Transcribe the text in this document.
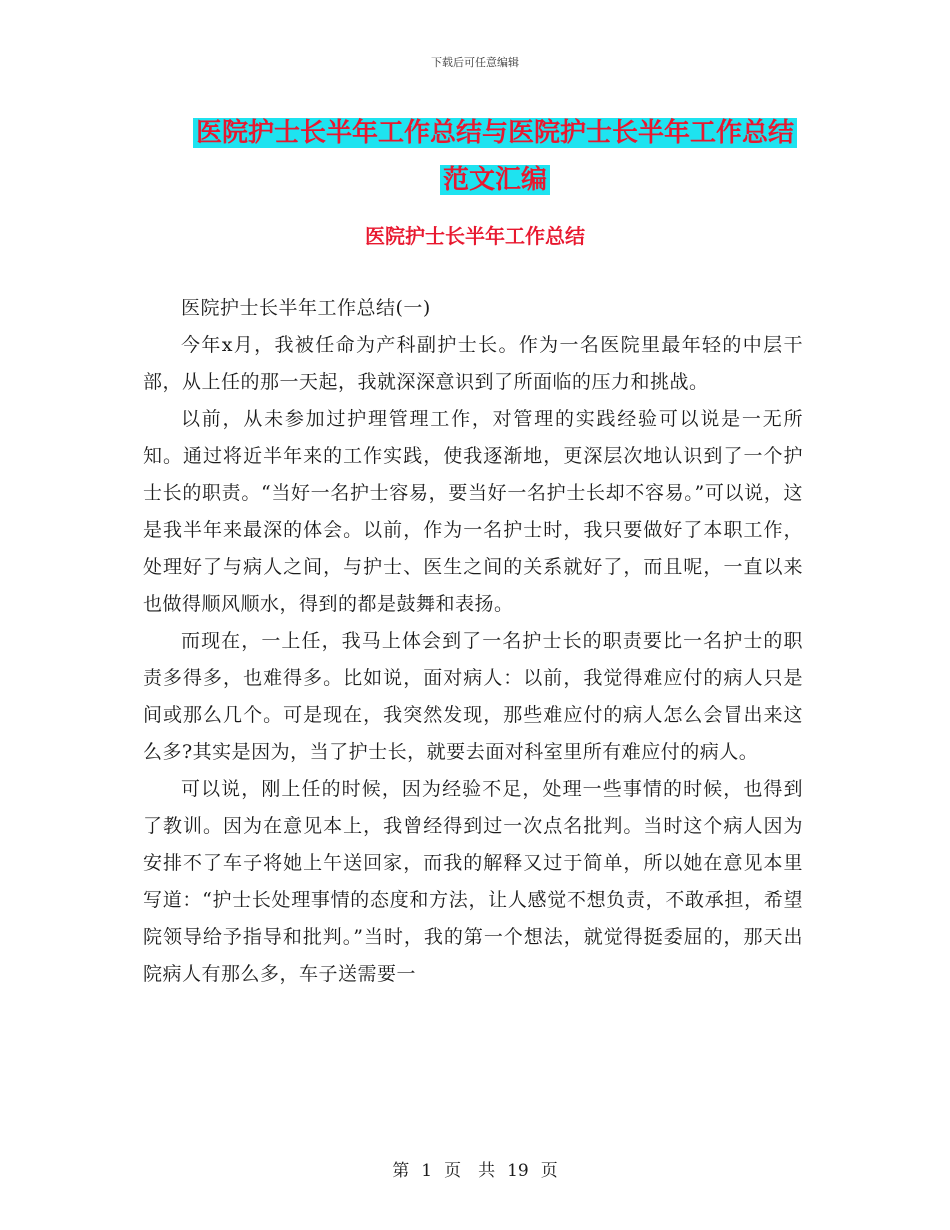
下载后可任意编辑
医院护士长半年工作总结与医院护士长半年工作总结
范文汇编
医院护士长半年工作总结

医院护士长半年工作总结(一)

今年x月，我被任命为产科副护士长。作为一名医院里最年轻的中层干部，从上任的那一天起，我就深深意识到了所面临的压力和挑战。

以前，从未参加过护理管理工作，对管理的实践经验可以说是一无所知。通过将近半年来的工作实践，使我逐渐地，更深层次地认识到了一个护士长的职责。“当好一名护士容易，要当好一名护士长却不容易。”可以说，这是我半年来最深的体会。以前，作为一名护士时，我只要做好了本职工作，处理好了与病人之间，与护士、医生之间的关系就好了，而且呢，一直以来也做得顺风顺水，得到的都是鼓舞和表扬。

而现在，一上任，我马上体会到了一名护士长的职责要比一名护士的职责多得多，也难得多。比如说，面对病人：以前，我觉得难应付的病人只是间或那么几个。可是现在，我突然发现，那些难应付的病人怎么会冒出来这么多?其实是因为，当了护士长，就要去面对科室里所有难应付的病人。

可以说，刚上任的时候，因为经验不足，处理一些事情的时候，也得到了教训。因为在意见本上，我曾经得到过一次点名批判。当时这个病人因为安排不了车子将她上午送回家，而我的解释又过于简单，所以她在意见本里写道：“护士长处理事情的态度和方法，让人感觉不想负责，不敢承担，希望院领导给予指导和批判。”当时，我的第一个想法，就觉得挺委屈的，那天出院病人有那么多，车子送需要一

第 1 页　共 19 页
